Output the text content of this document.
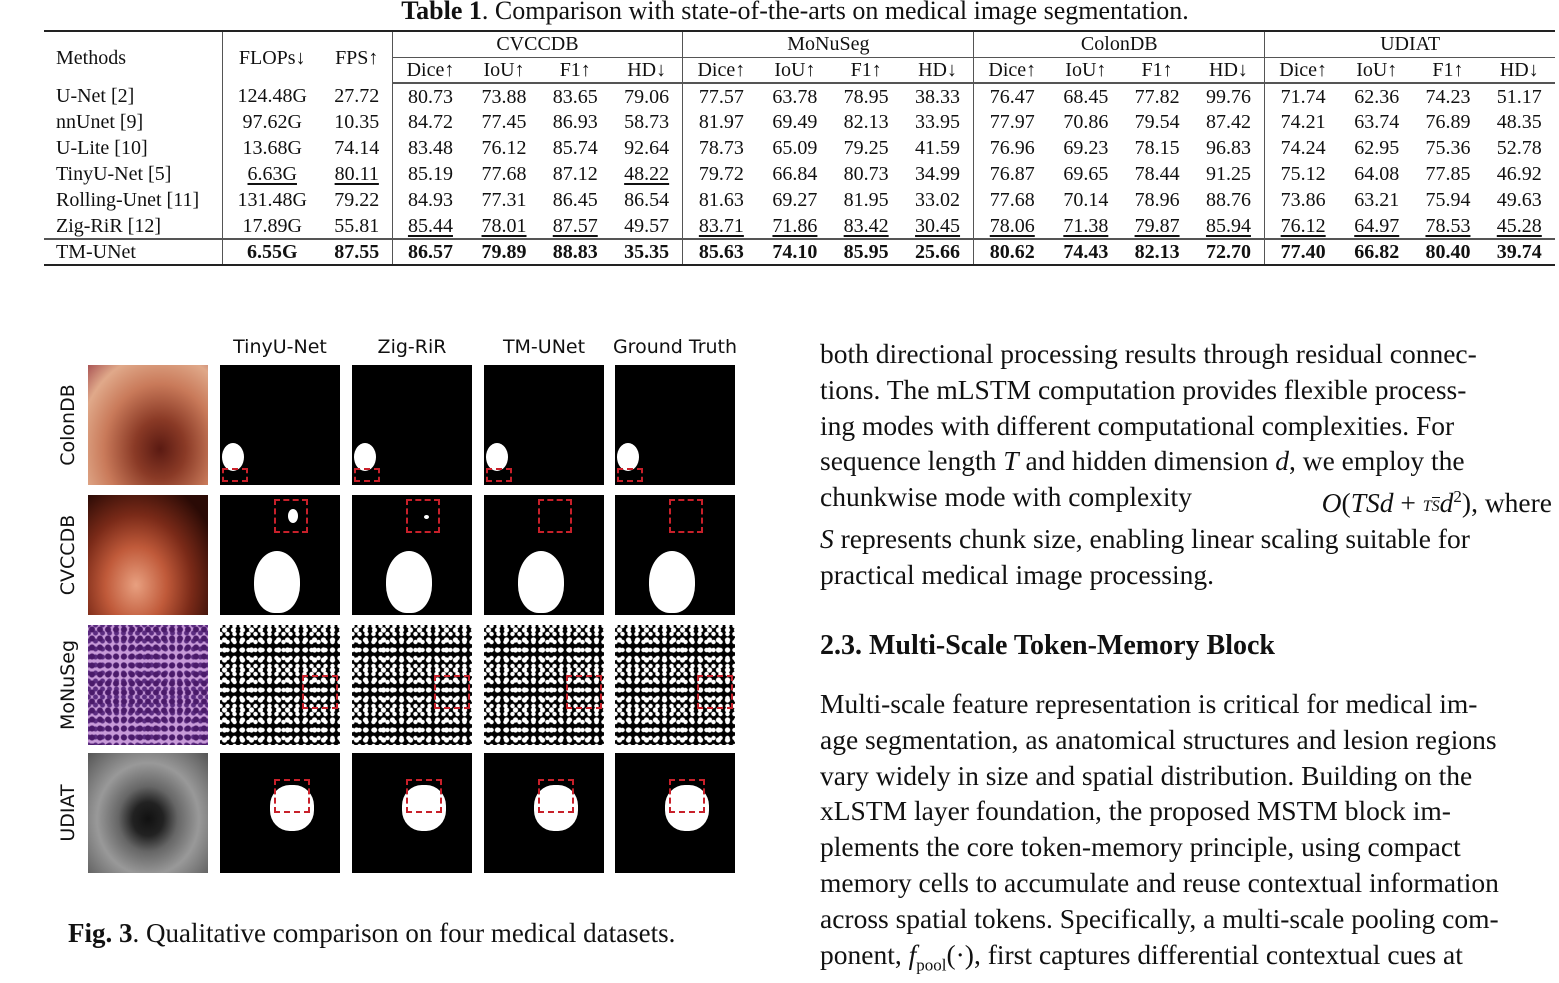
Table 1. Comparison with state-of-the-arts on medical image segmentation.
Methods	FLOPs↓	FPS↑	CVCCDB				MoNuSeg				ColonDB				UDIAT			
			Dice↑	IoU↑	F1↑	HD↓	Dice↑	IoU↑	F1↑	HD↓	Dice↑	IoU↑	F1↑	HD↓	Dice↑	IoU↑	F1↑	HD↓
U-Net [2]	124.48G	27.72	80.73	73.88	83.65	79.06	77.57	63.78	78.95	38.33	76.47	68.45	77.82	99.76	71.74	62.36	74.23	51.17
nnUnet [9]	97.62G	10.35	84.72	77.45	86.93	58.73	81.97	69.49	82.13	33.95	77.97	70.86	79.54	87.42	74.21	63.74	76.89	48.35
U-Lite [10]	13.68G	74.14	83.48	76.12	85.74	92.64	78.73	65.09	79.25	41.59	76.96	69.23	78.15	96.83	74.24	62.95	75.36	52.78
TinyU-Net [5]	6.63G	80.11	85.19	77.68	87.12	48.22	79.72	66.84	80.73	34.99	76.87	69.65	78.44	91.25	75.12	64.08	77.85	46.92
Rolling-Unet [11]	131.48G	79.22	84.93	77.31	86.45	86.54	81.63	69.27	81.95	33.02	77.68	70.14	78.96	88.76	73.86	63.21	75.94	49.63
Zig-RiR [12]	17.89G	55.81	85.44	78.01	87.57	49.57	83.71	71.86	83.42	30.45	78.06	71.38	79.87	85.94	76.12	64.97	78.53	45.28
TM-UNet	6.55G	87.55	86.57	79.89	88.83	35.35	85.63	74.10	85.95	25.66	80.62	74.43	82.13	72.70	77.40	66.82	80.40	39.74
TinyU-Net	Zig-RiR	TM-UNet	Ground Truth
ColonDB
CVCCDB
MoNuSeg
UDIAT
Fig. 3. Qualitative comparison on four medical datasets.
both directional processing results through residual connec-
tions. The mLSTM computation provides flexible process-
ing modes with different computational complexities. For
sequence length T and hidden dimension d, we employ the
chunkwise mode with complexity	O(TSd + TSd$^2$), where
S represents chunk size, enabling linear scaling suitable for
practical medical image processing.
2.3. Multi-Scale Token-Memory Block
Multi-scale feature representation is critical for medical im-
age segmentation, as anatomical structures and lesion regions
vary widely in size and spatial distribution. Building on the
xLSTM layer foundation, the proposed MSTM block im-
plements the core token-memory principle, using compact
memory cells to accumulate and reuse contextual information
across spatial tokens. Specifically, a multi-scale pooling com-
ponent, $f_{pool}(\cdot)$, first captures differential contextual cues at
